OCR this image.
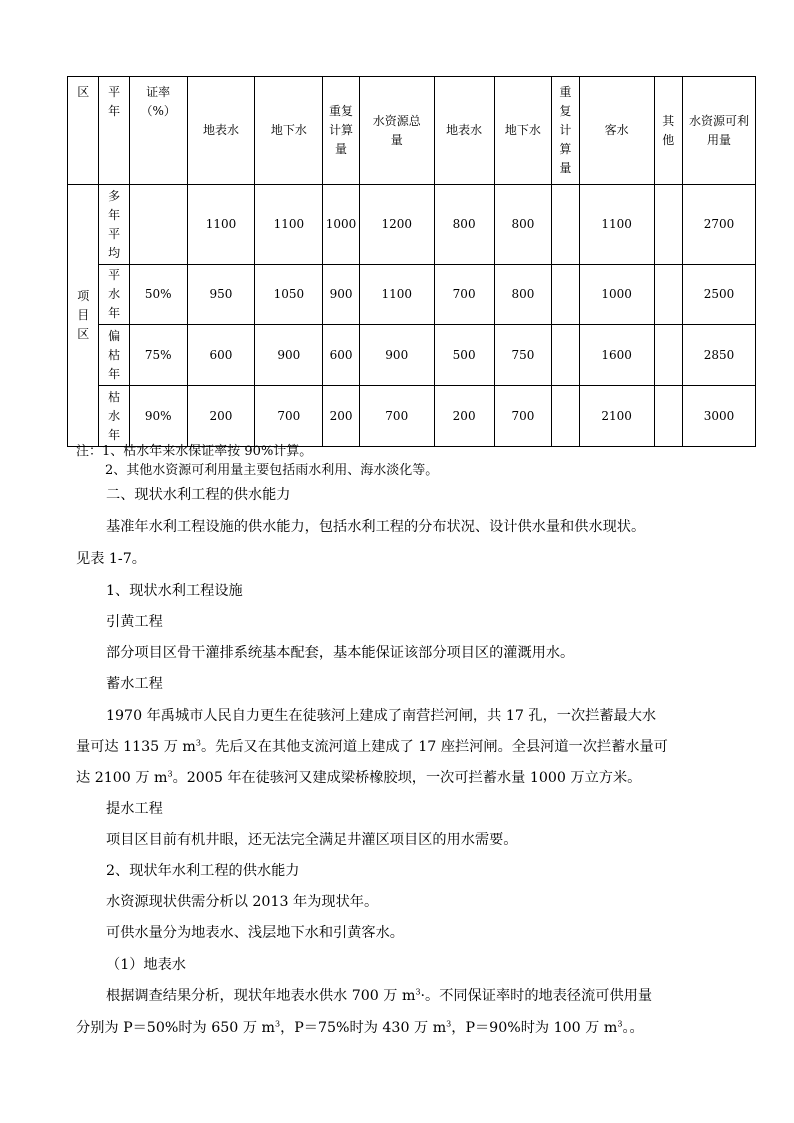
区	平年	证率（%）	地表水	地下水	重复计算量	水资源总量	地表水	地下水	重复计算量	客水	其他	水资源可利用量
项目区	多年平均		1100	1100	1000	1200	800	800		1100		2700
	平水年	50%	950	1050	900	1100	700	800		1000		2500
	偏枯年	75%	600	900	600	900	500	750		1600		2850
	枯水年	90%	200	700	200	700	200	700		2100		3000
注：1、枯水年来水保证率按 90%计算。
2、其他水资源可利用量主要包括雨水利用、海水淡化等。
二、现状水利工程的供水能力
基准年水利工程设施的供水能力，包括水利工程的分布状况、设计供水量和供水现状。
见表 1-7。
1、现状水利工程设施
引黄工程
部分项目区骨干灌排系统基本配套，基本能保证该部分项目区的灌溉用水。
蓄水工程
1970 年禹城市人民自力更生在徒骇河上建成了南营拦河闸，共 17 孔，一次拦蓄最大水
量可达 1135 万 $m^3$。先后又在其他支流河道上建成了 17 座拦河闸。全县河道一次拦蓄水量可
达 2100 万 $m^3$。2005 年在徒骇河又建成梁桥橡胶坝，一次可拦蓄水量 1000 万立方米。
提水工程
项目区目前有机井眼，还无法完全满足井灌区项目区的用水需要。
2、现状年水利工程的供水能力
水资源现状供需分析以 2013 年为现状年。
可供水量分为地表水、浅层地下水和引黄客水。
（1）地表水
根据调查结果分析，现状年地表水供水 700 万 $m^3\cdot$。不同保证率时的地表径流可供用量
分别为 P＝50%时为 650 万 $m^3$，P＝75%时为 430 万 $m^3$，P＝90%时为 100 万 $m^3$。。
